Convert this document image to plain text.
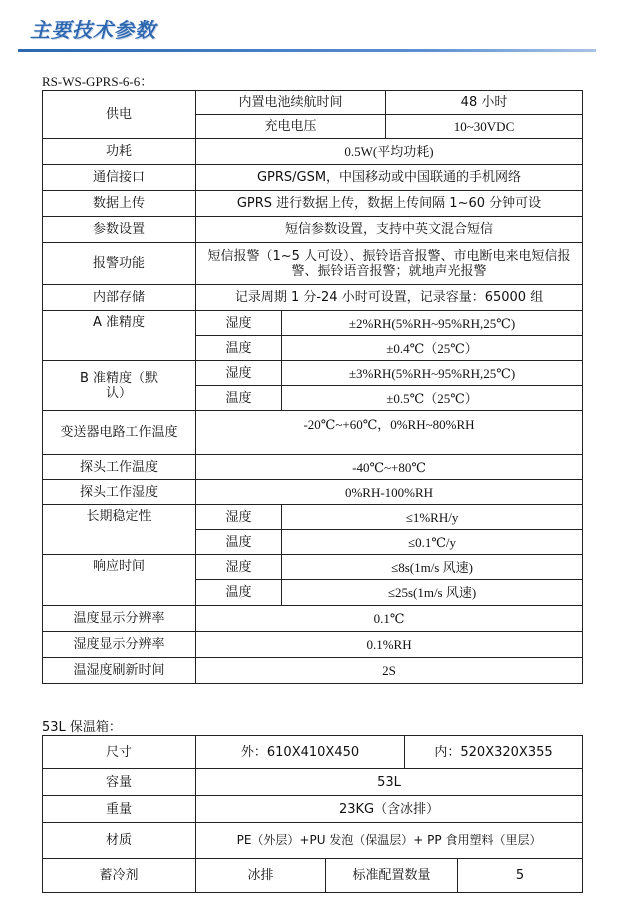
主要技术参数
RS-WS-GPRS-6-6：
供电	内置电池续航时间		48 小时
	充电电压		10~30VDC
功耗	0.5W(平均功耗)		
通信接口	GPRS/GSM，中国移动或中国联通的手机网络		
数据上传	GPRS 进行数据上传，数据上传间隔 1~60 分钟可设		
参数设置	短信参数设置，支持中英文混合短信		
报警功能	短信报警（1~5 人可设）、振铃语音报警、市电断电来电短信报警、振铃语音报警；就地声光报警		
内部存储	记录周期 1 分-24 小时可设置，记录容量：65000 组		
A 准精度	湿度	±2%RH(5%RH~95%RH,25℃)	
	温度	±0.4℃（25℃）	
B 准精度（默认）	湿度	±3%RH(5%RH~95%RH,25℃)	
	温度	±0.5℃（25℃）	
变送器电路工作温度	-20℃~+60℃，0%RH~80%RH		
探头工作温度	-40℃~+80℃		
探头工作湿度	0%RH-100%RH		
长期稳定性	湿度	≤1%RH/y	
	温度	≤0.1℃/y	
响应时间	湿度	≤8s(1m/s 风速)	
	温度	≤25s(1m/s 风速)	
温度显示分辨率	0.1℃		
湿度显示分辨率	0.1%RH		
温湿度刷新时间	2S		
53L 保温箱：
尺寸	外：610X410X450		内：520X320X355	
容量	53L			
重量	23KG（含冰排）			
材质	PE（外层）+PU 发泡（保温层）+ PP 食用塑料（里层）			
蓄冷剂	冰排	标准配置数量		5
